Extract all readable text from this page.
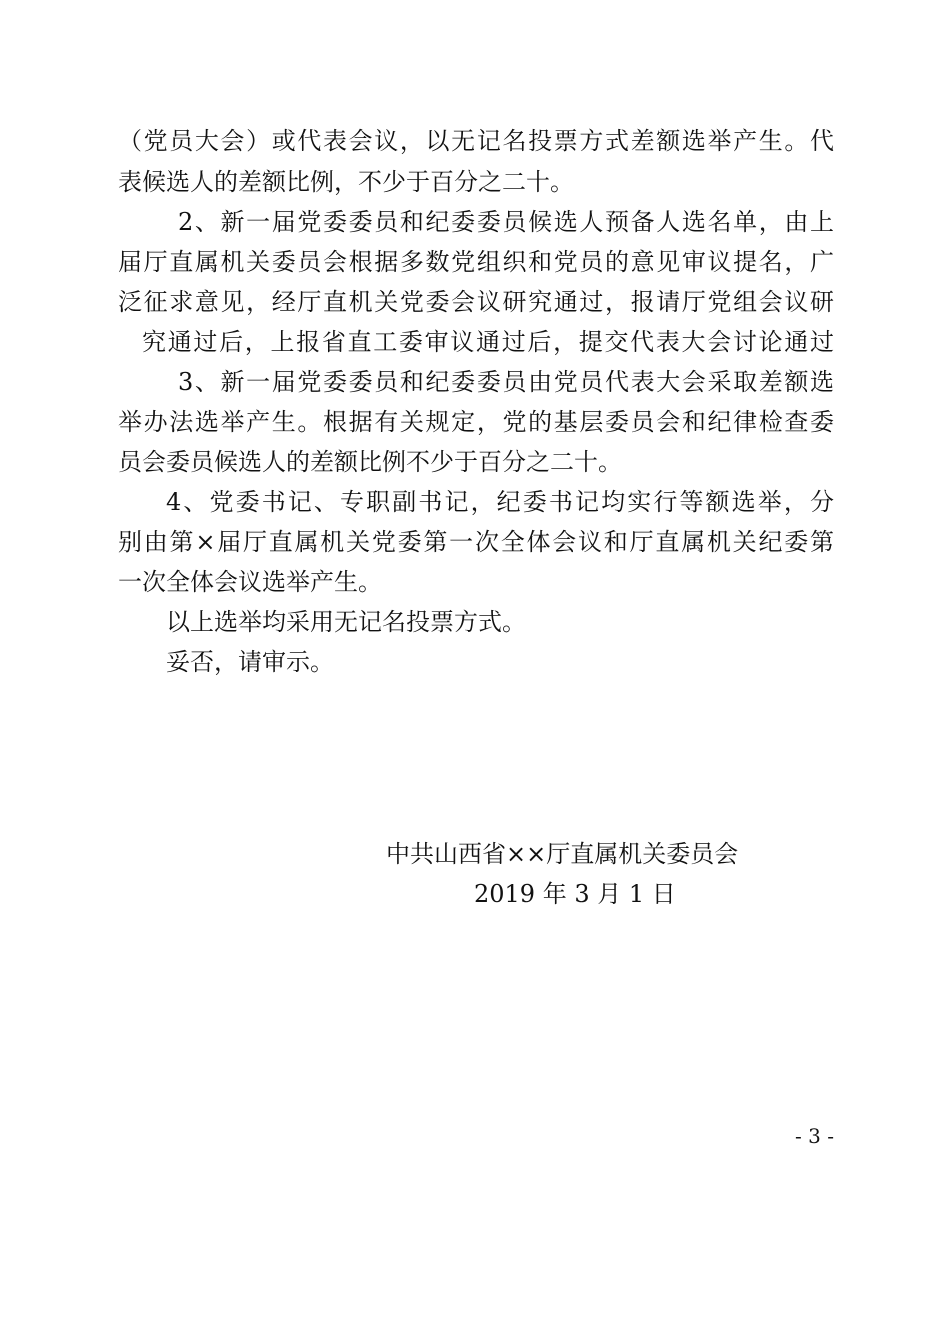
（党员大会）或代表会议，以无记名投票方式差额选举产生。代
表候选人的差额比例，不少于百分之二十。
2、新一届党委委员和纪委委员候选人预备人选名单，由上
届厅直属机关委员会根据多数党组织和党员的意见审议提名，广
泛征求意见，经厅直机关党委会议研究通过，报请厅党组会议研
究通过后，上报省直工委审议通过后，提交代表大会讨论通过
3、新一届党委委员和纪委委员由党员代表大会采取差额选
举办法选举产生。根据有关规定，党的基层委员会和纪律检查委
员会委员候选人的差额比例不少于百分之二十。
4、党委书记、专职副书记，纪委书记均实行等额选举，分
别由第×届厅直属机关党委第一次全体会议和厅直属机关纪委第
一次全体会议选举产生。
以上选举均采用无记名投票方式。
妥否，请审示。
中共山西省××厅直属机关委员会
2019 年 3 月 1 日
- 3 -
